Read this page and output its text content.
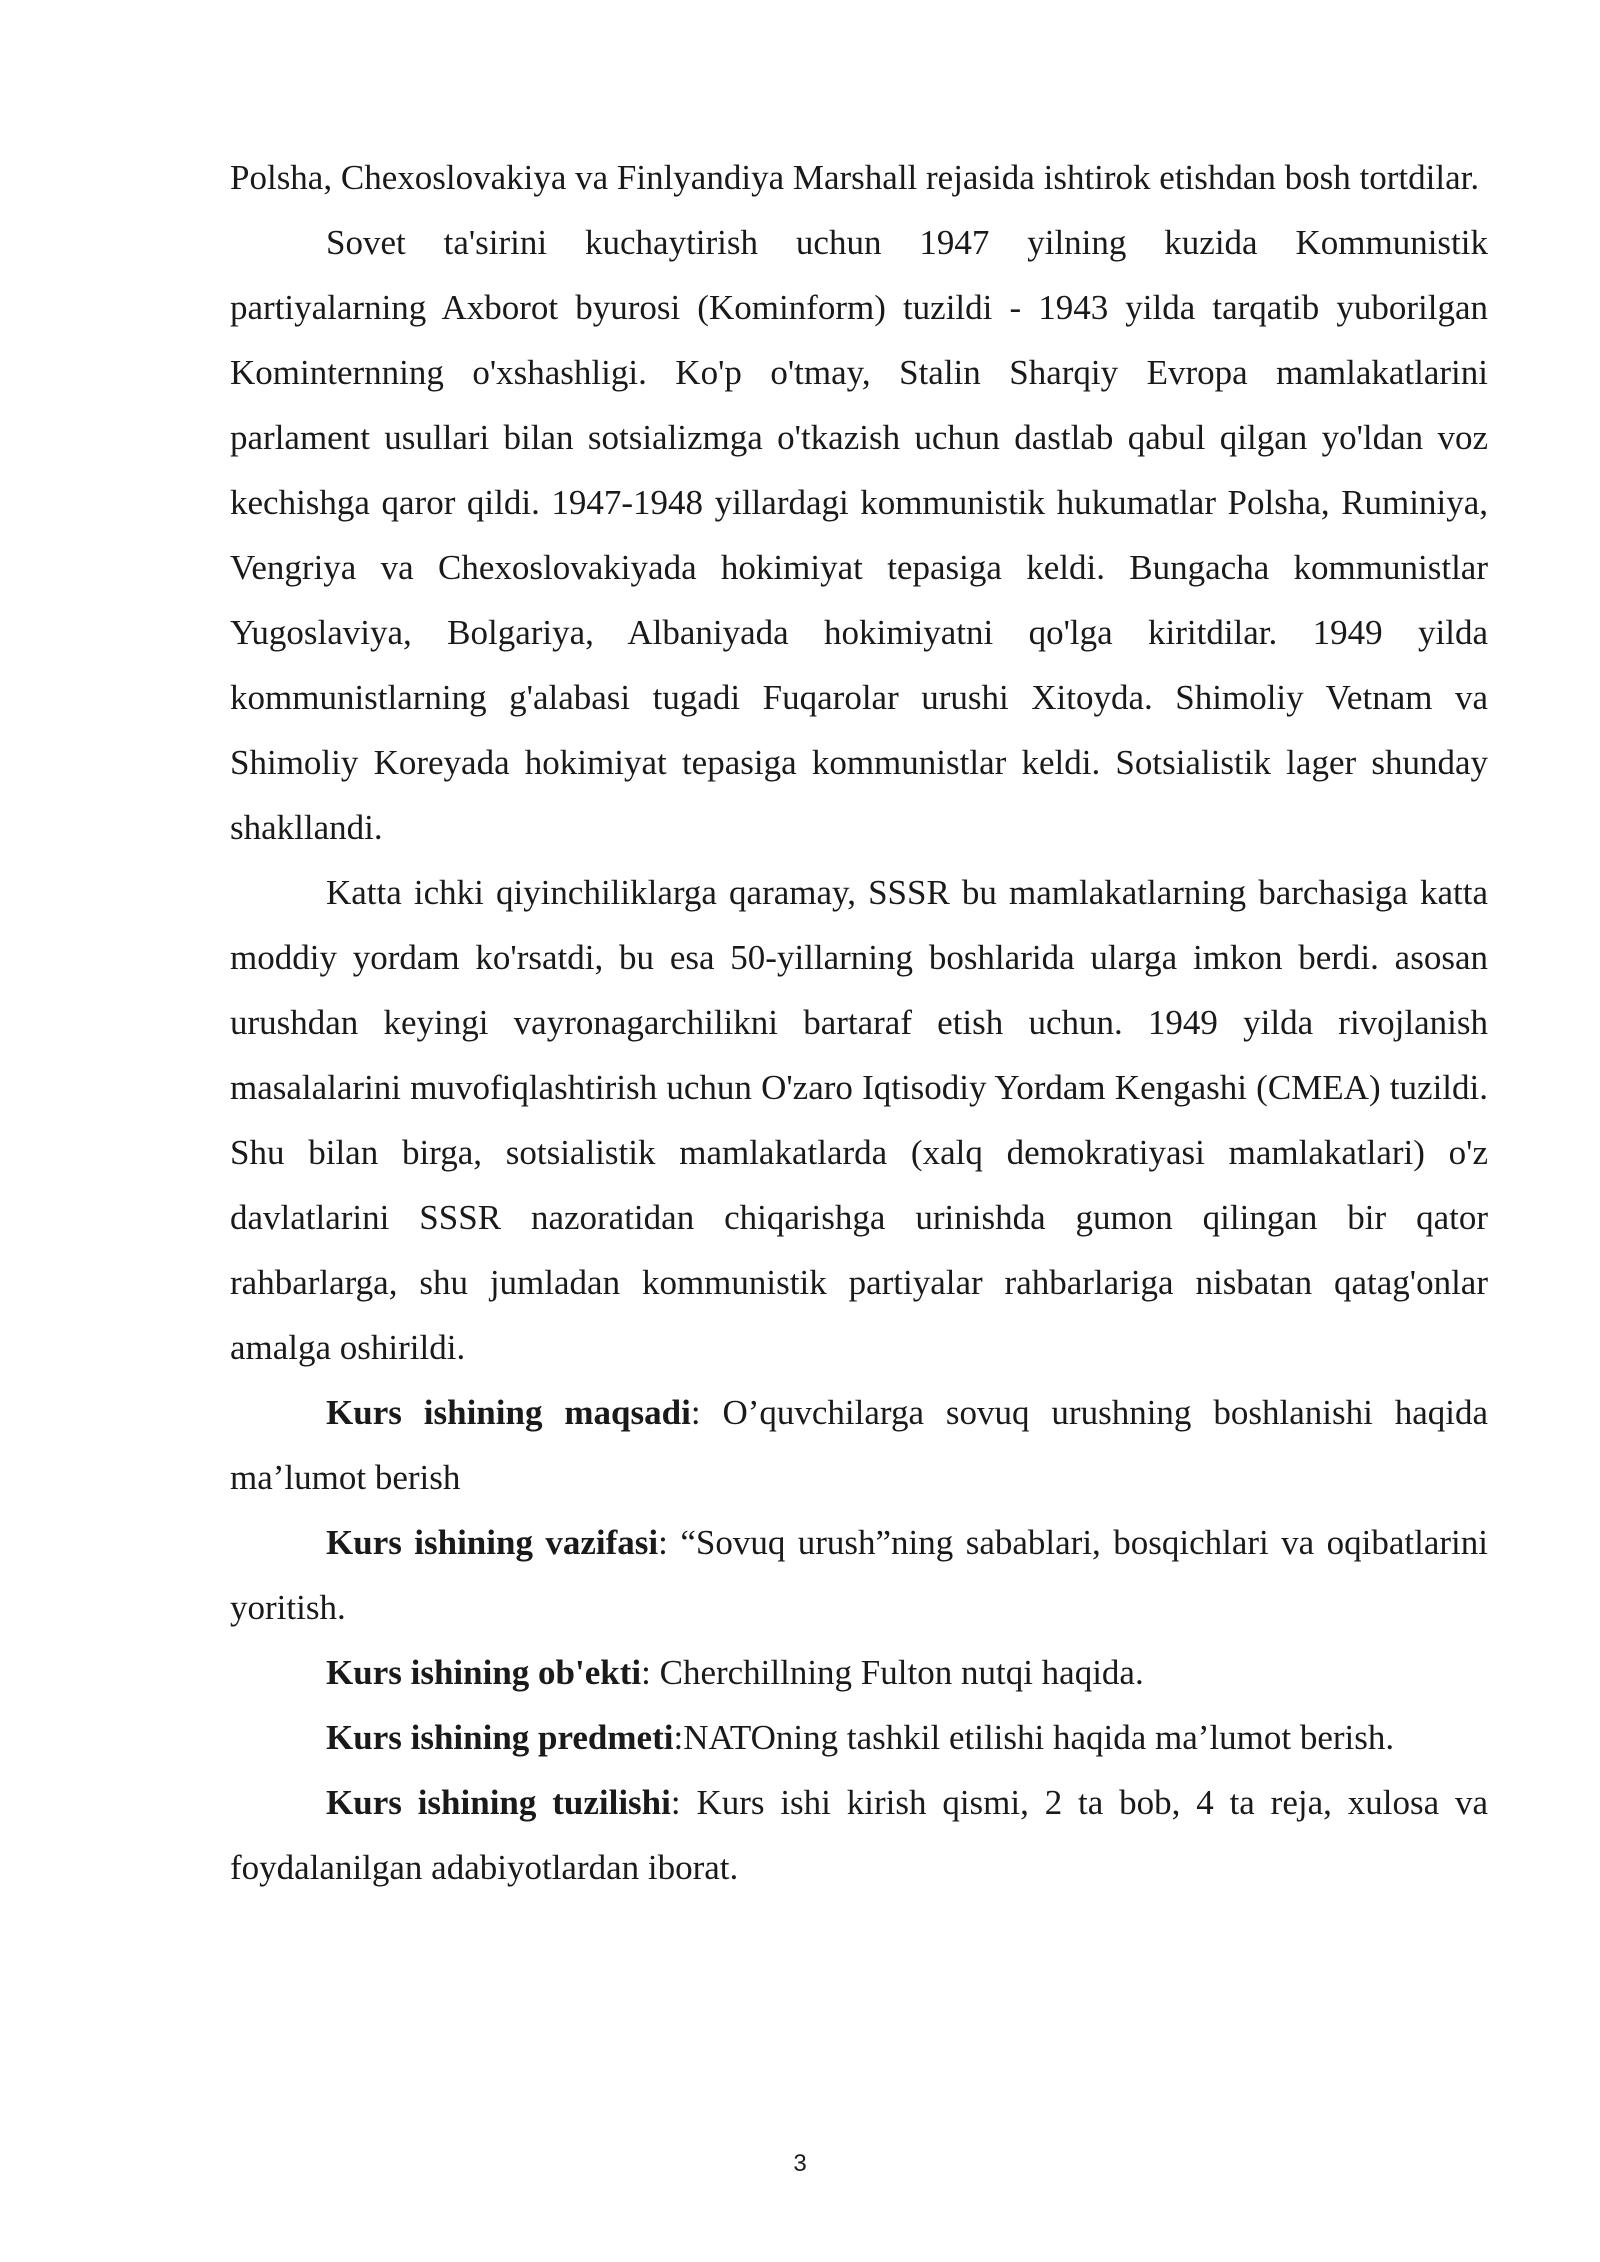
Polsha, Chexoslovakiya va Finlyandiya Marshall rejasida ishtirok etishdan bosh tortdilar.

Sovet ta'sirini kuchaytirish uchun 1947 yilning kuzida Kommunistik partiyalarning Axborot byurosi (Kominform) tuzildi - 1943 yilda tarqatib yuborilgan Kominternning o'xshashligi. Ko'p o'tmay, Stalin Sharqiy Evropa mamlakatlarini parlament usullari bilan sotsializmga o'tkazish uchun dastlab qabul qilgan yo'ldan voz kechishga qaror qildi. 1947-1948 yillardagi kommunistik hukumatlar Polsha, Ruminiya, Vengriya va Chexoslovakiyada hokimiyat tepasiga keldi. Bungacha kommunistlar Yugoslaviya, Bolgariya, Albaniyada hokimiyatni qo'lga kiritdilar. 1949 yilda kommunistlarning g'alabasi tugadi Fuqarolar urushi Xitoyda. Shimoliy Vetnam va Shimoliy Koreyada hokimiyat tepasiga kommunistlar keldi. Sotsialistik lager shunday shakllandi.

Katta ichki qiyinchiliklarga qaramay, SSSR bu mamlakatlarning barchasiga katta moddiy yordam ko'rsatdi, bu esa 50-yillarning boshlarida ularga imkon berdi. asosan urushdan keyingi vayronagarchilikni bartaraf etish uchun. 1949 yilda rivojlanish masalalarini muvofiqlashtirish uchun O'zaro Iqtisodiy Yordam Kengashi (CMEA) tuzildi. Shu bilan birga, sotsialistik mamlakatlarda (xalq demokratiyasi mamlakatlari) o'z davlatlarini SSSR nazoratidan chiqarishga urinishda gumon qilingan bir qator rahbarlarga, shu jumladan kommunistik partiyalar rahbarlariga nisbatan qatag'onlar amalga oshirildi.

Kurs ishining maqsadi: O’quvchilarga sovuq urushning boshlanishi haqida ma’lumot berish

Kurs ishining vazifasi: “Sovuq urush”ning sabablari, bosqichlari va oqibatlarini yoritish.

Kurs ishining ob'ekti: Cherchillning Fulton nutqi haqida.

Kurs ishining predmeti:NATOning tashkil etilishi haqida ma’lumot berish.

Kurs ishining tuzilishi: Kurs ishi kirish qismi, 2 ta bob, 4 ta reja, xulosa va foydalanilgan adabiyotlardan iborat.

3
